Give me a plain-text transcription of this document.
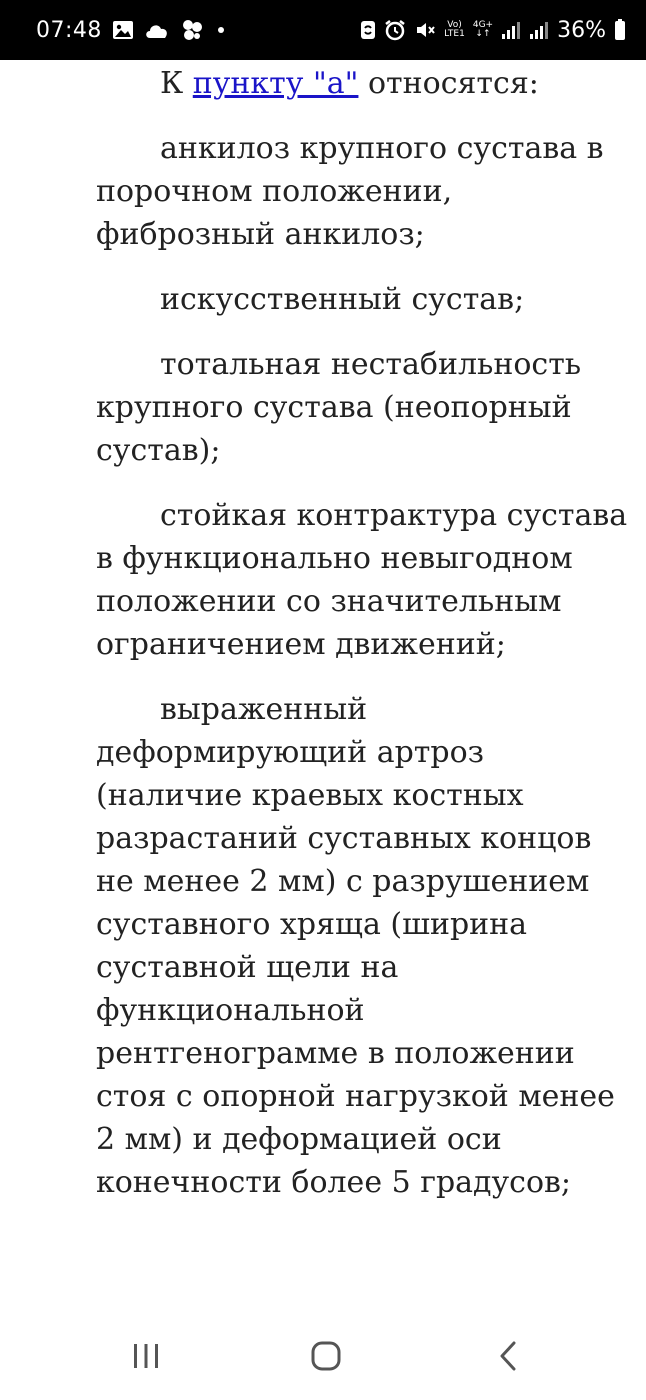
07:48	Vo)
LTE1
4G+
↓↑	36%

К пункту "а" относятся:

анкилоз крупного сустава в порочном положении, фиброзный анкилоз;

искусственный сустав;

тотальная нестабильность крупного сустава (неопорный сустав);

стойкая контрактура сустава в функционально невыгодном положении со значительным ограничением движений;

выраженный деформирующий артроз (наличие краевых костных разрастаний суставных концов не менее 2 мм) с разрушением суставного хряща (ширина суставной щели на функциональной рентгенограмме в положении стоя с опорной нагрузкой менее 2 мм) и деформацией оси конечности более 5 градусов;
